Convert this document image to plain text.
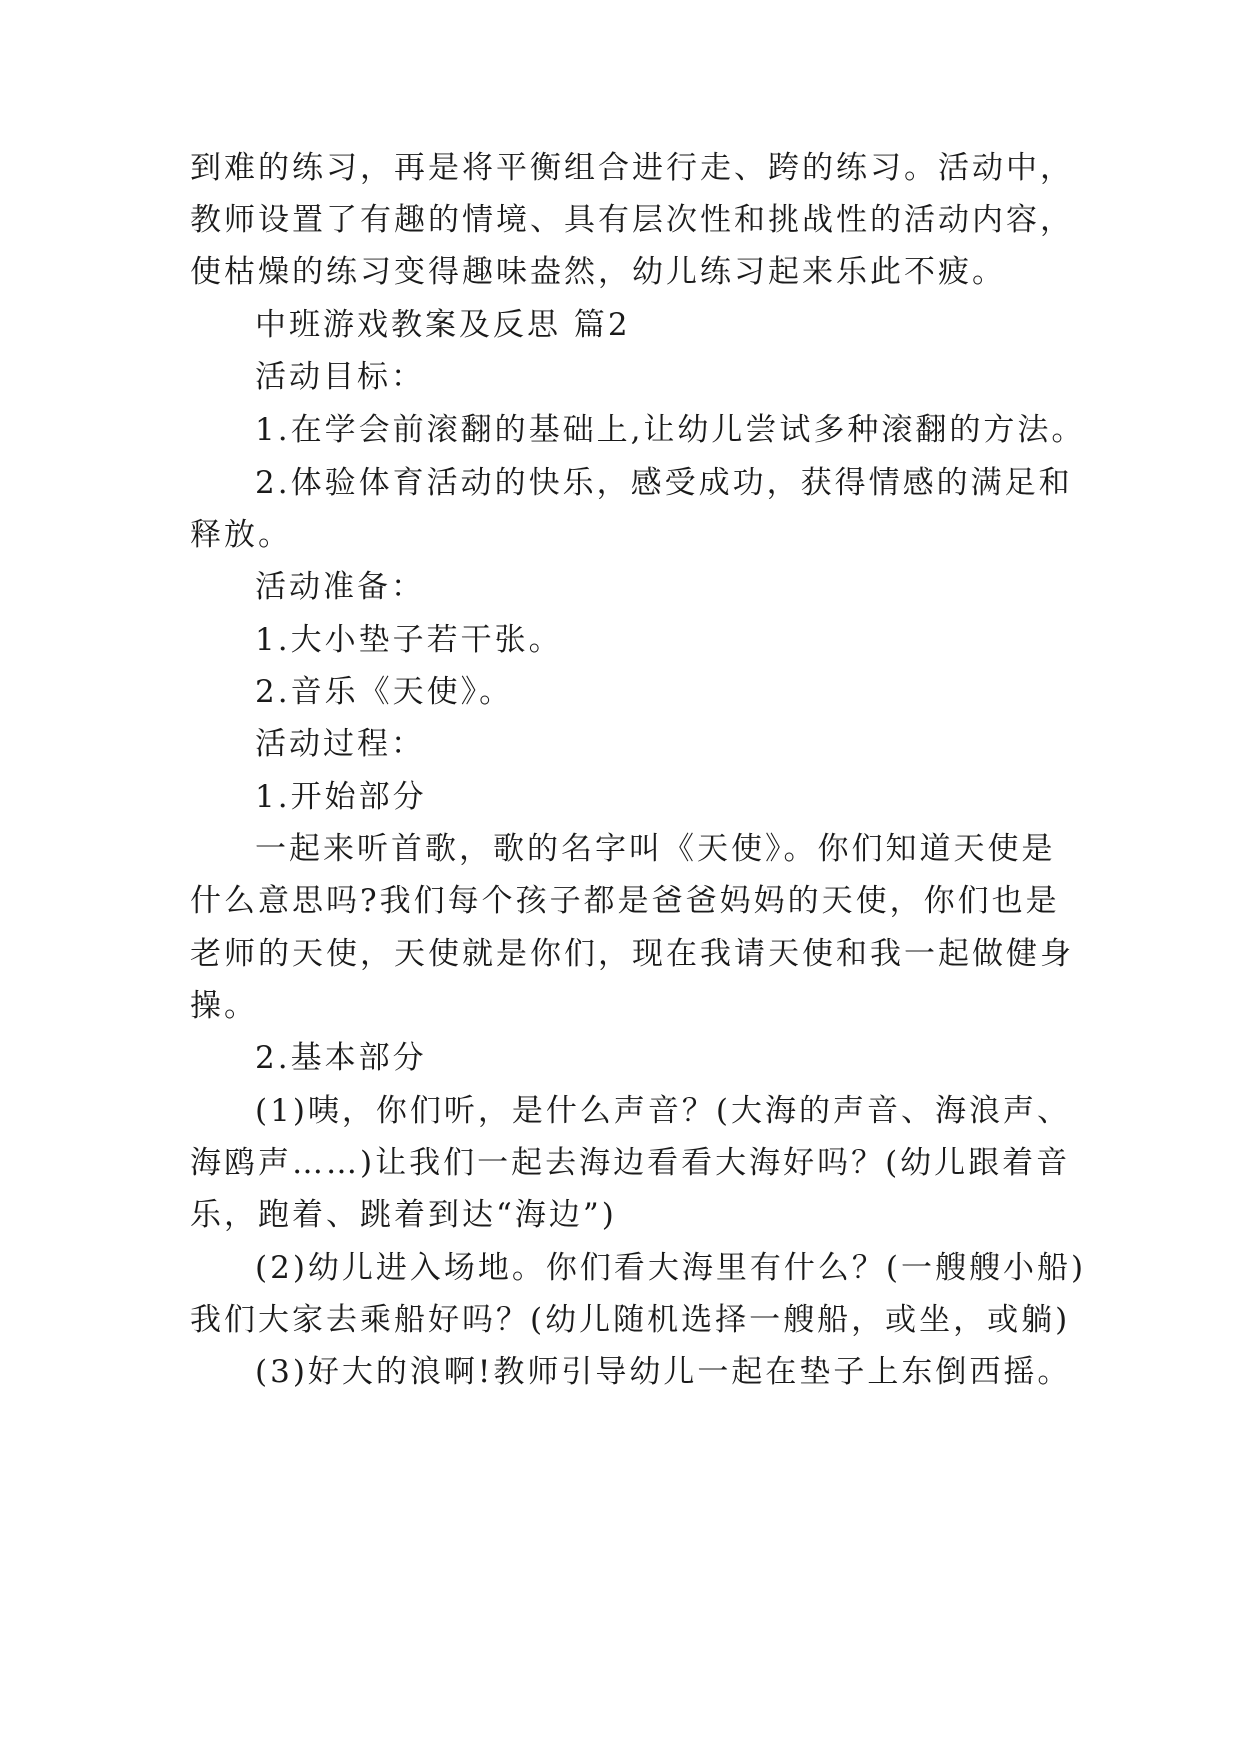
到难的练习，再是将平衡组合进行走、跨的练习。活动中，
教师设置了有趣的情境、具有层次性和挑战性的活动内容，
使枯燥的练习变得趣味盎然，幼儿练习起来乐此不疲。
中班游戏教案及反思 篇2
活动目标：
1.在学会前滚翻的基础上,让幼儿尝试多种滚翻的方法。
2.体验体育活动的快乐，感受成功，获得情感的满足和
释放。
活动准备：
1.大小垫子若干张。
2.音乐《天使》。
活动过程：
1.开始部分
一起来听首歌，歌的名字叫《天使》。你们知道天使是
什么意思吗?我们每个孩子都是爸爸妈妈的天使，你们也是
老师的天使，天使就是你们，现在我请天使和我一起做健身
操。
2.基本部分
(1)咦，你们听，是什么声音？(大海的声音、海浪声、
海鸥声……)让我们一起去海边看看大海好吗？(幼儿跟着音
乐，跑着、跳着到达“海边”)
(2)幼儿进入场地。你们看大海里有什么？(一艘艘小船)
我们大家去乘船好吗？(幼儿随机选择一艘船，或坐，或躺)
(3)好大的浪啊!教师引导幼儿一起在垫子上东倒西摇。
